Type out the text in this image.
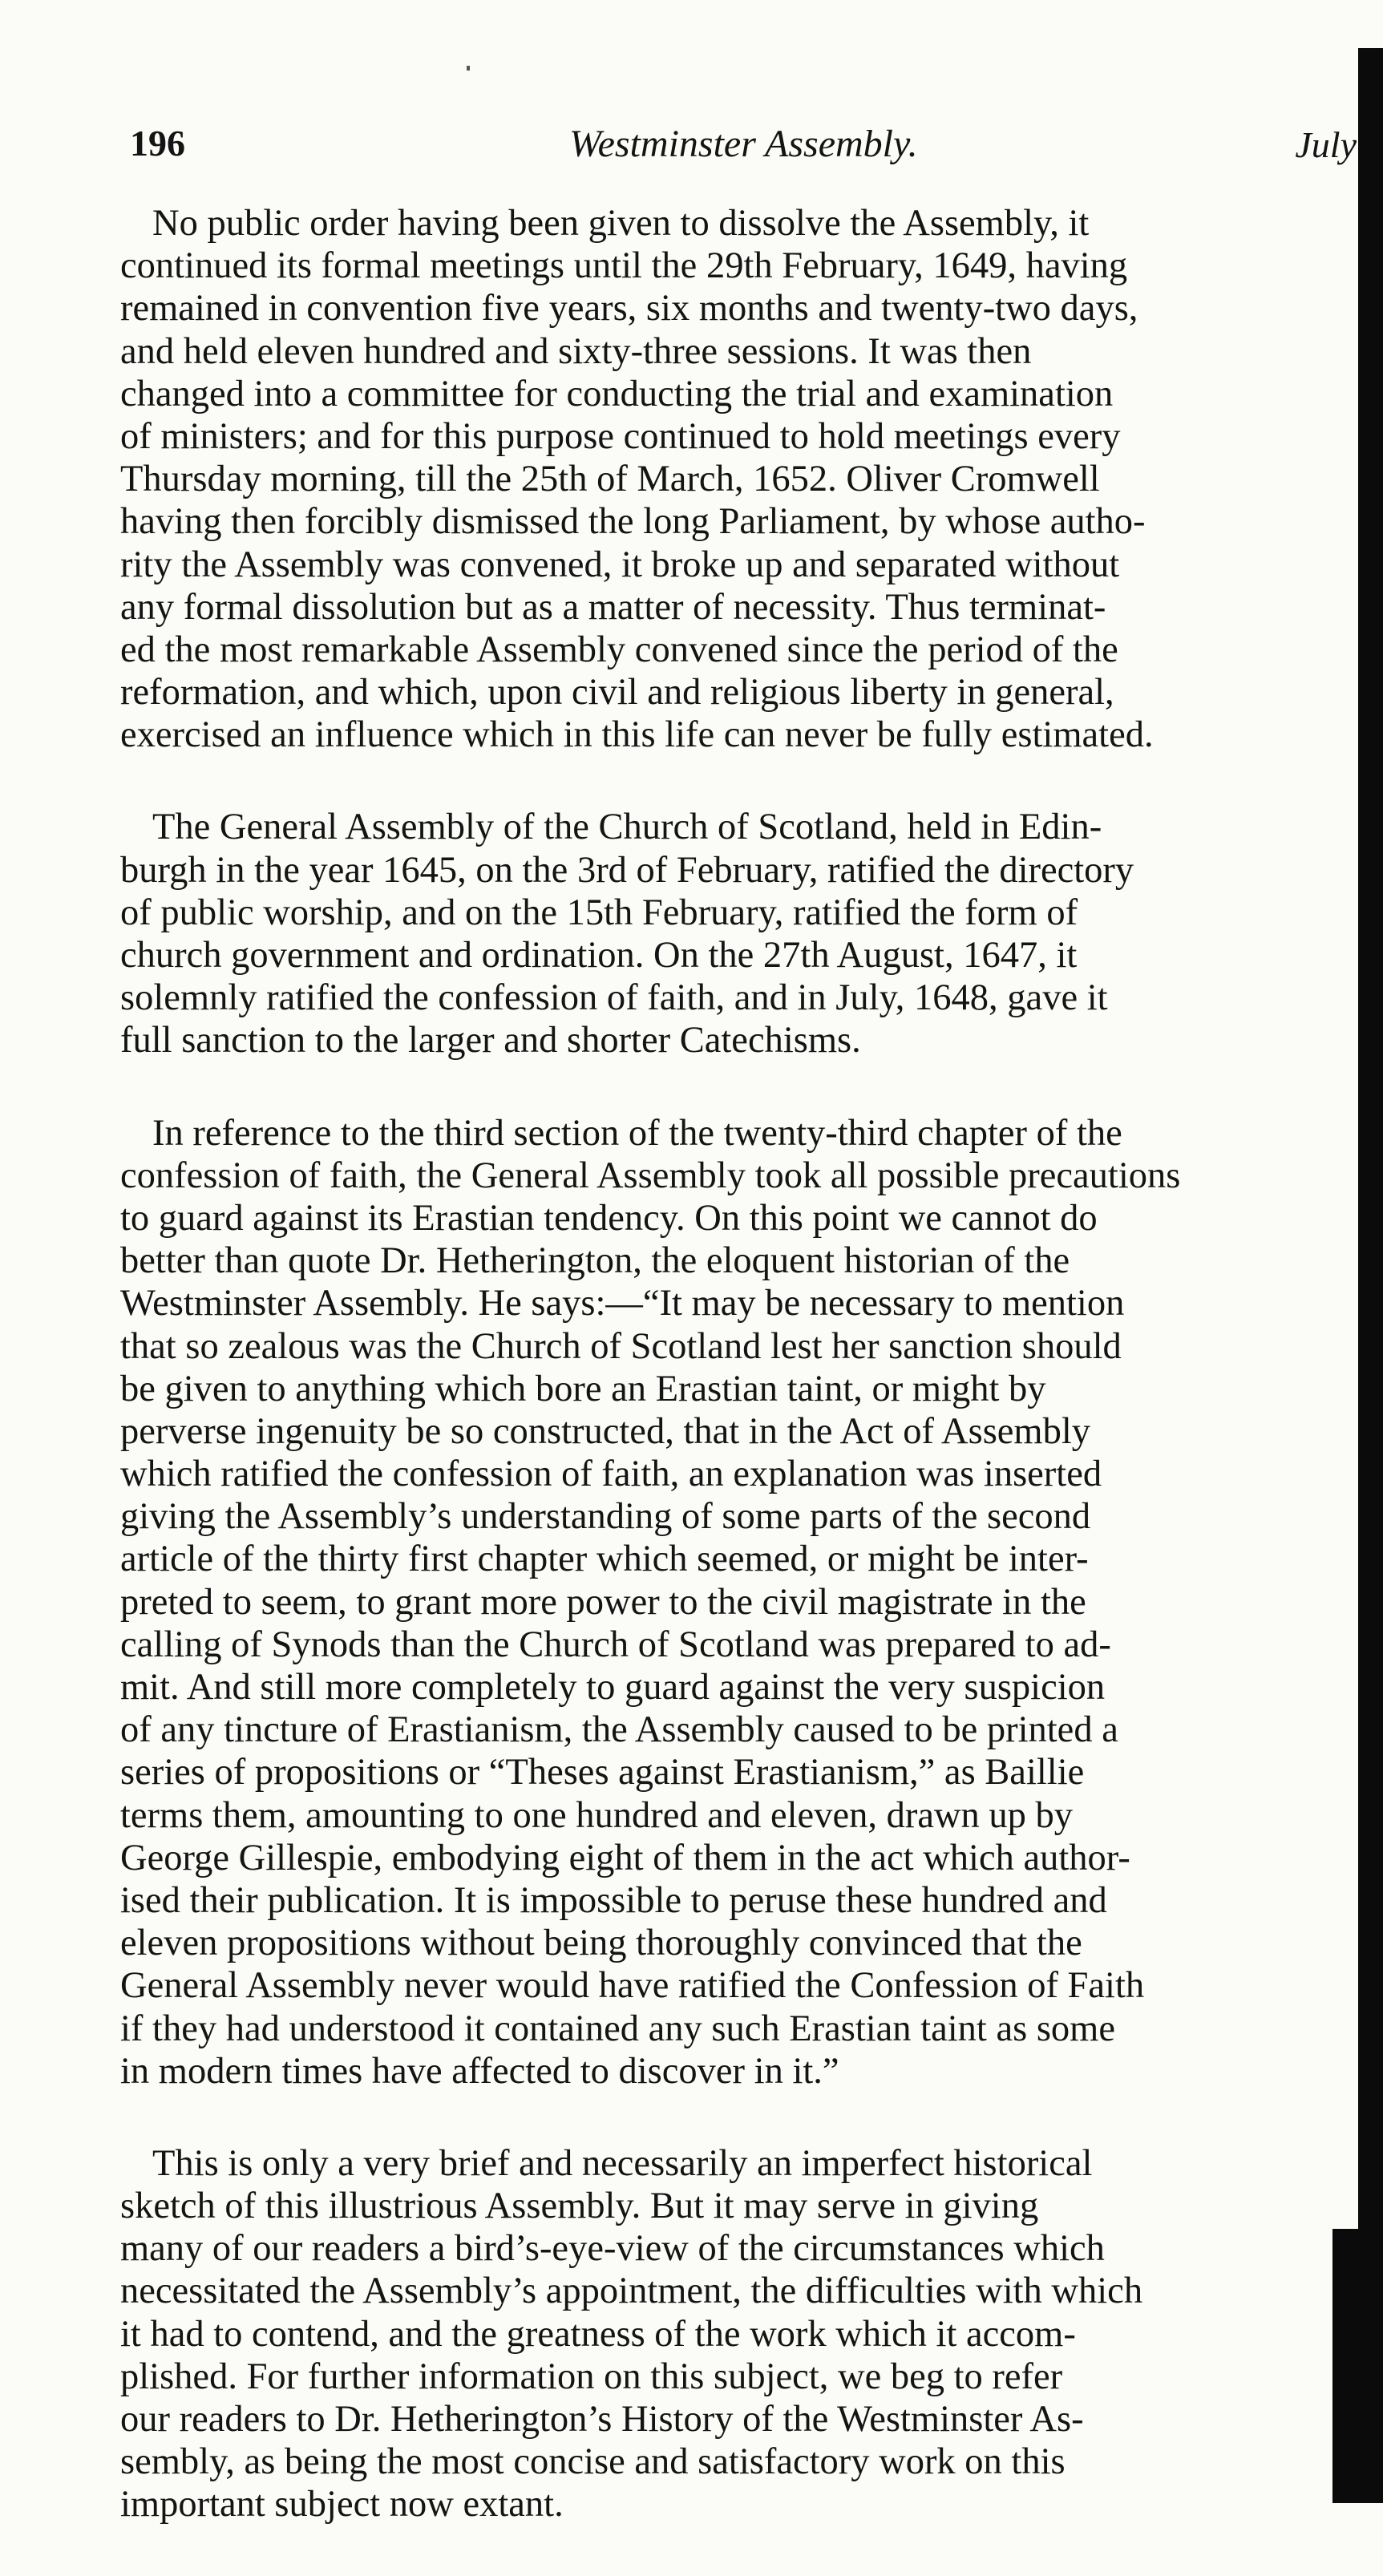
196	Westminster Assembly.	July
No public order having been given to dissolve the Assembly, it
continued its formal meetings until the 29th February, 1649, having
remained in convention five years, six months and twenty-two days,
and held eleven hundred and sixty-three sessions. It was then
changed into a committee for conducting the trial and examination
of ministers; and for this purpose continued to hold meetings every
Thursday morning, till the 25th of March, 1652. Oliver Cromwell
having then forcibly dismissed the long Parliament, by whose autho-
rity the Assembly was convened, it broke up and separated without
any formal dissolution but as a matter of necessity. Thus terminat-
ed the most remarkable Assembly convened since the period of the
reformation, and which, upon civil and religious liberty in general,
exercised an influence which in this life can never be fully estimated.
The General Assembly of the Church of Scotland, held in Edin-
burgh in the year 1645, on the 3rd of February, ratified the directory
of public worship, and on the 15th February, ratified the form of
church government and ordination. On the 27th August, 1647, it
solemnly ratified the confession of faith, and in July, 1648, gave it
full sanction to the larger and shorter Catechisms.
In reference to the third section of the twenty-third chapter of the
confession of faith, the General Assembly took all possible precautions
to guard against its Erastian tendency. On this point we cannot do
better than quote Dr. Hetherington, the eloquent historian of the
Westminster Assembly. He says:—“It may be necessary to mention
that so zealous was the Church of Scotland lest her sanction should
be given to anything which bore an Erastian taint, or might by
perverse ingenuity be so constructed, that in the Act of Assembly
which ratified the confession of faith, an explanation was inserted
giving the Assembly’s understanding of some parts of the second
article of the thirty first chapter which seemed, or might be inter-
preted to seem, to grant more power to the civil magistrate in the
calling of Synods than the Church of Scotland was prepared to ad-
mit. And still more completely to guard against the very suspicion
of any tincture of Erastianism, the Assembly caused to be printed a
series of propositions or “Theses against Erastianism,” as Baillie
terms them, amounting to one hundred and eleven, drawn up by
George Gillespie, embodying eight of them in the act which author-
ised their publication. It is impossible to peruse these hundred and
eleven propositions without being thoroughly convinced that the
General Assembly never would have ratified the Confession of Faith
if they had understood it contained any such Erastian taint as some
in modern times have affected to discover in it.”
This is only a very brief and necessarily an imperfect historical
sketch of this illustrious Assembly. But it may serve in giving
many of our readers a bird’s-eye-view of the circumstances which
necessitated the Assembly’s appointment, the difficulties with which
it had to contend, and the greatness of the work which it accom-
plished. For further information on this subject, we beg to refer
our readers to Dr. Hetherington’s History of the Westminster As-
sembly, as being the most concise and satisfactory work on this
important subject now extant.
